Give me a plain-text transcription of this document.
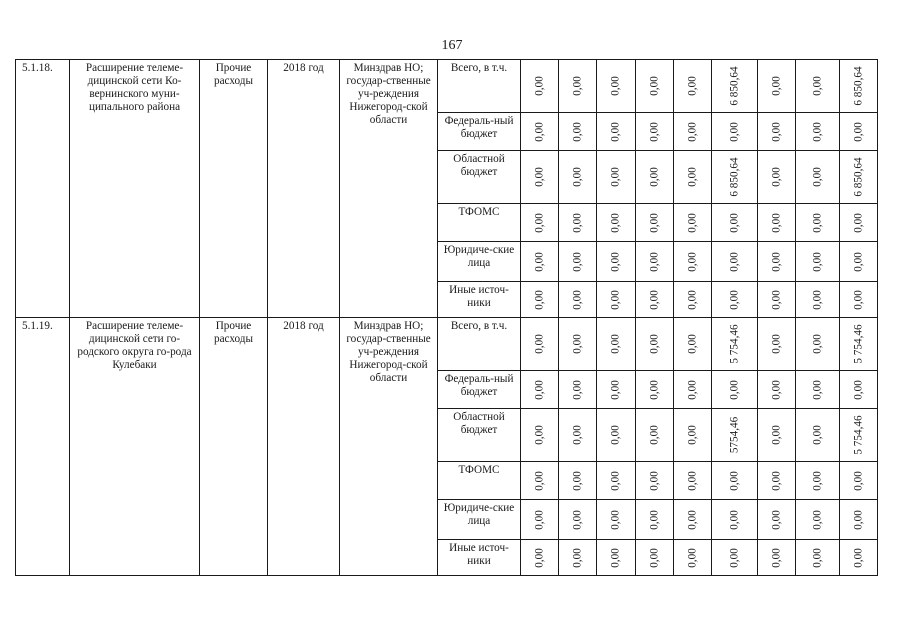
167
5.1.18.	Расширение телеме-дицинской сети Ко-вернинского муни-ципального района	Прочие расходы	2018 год	Минздрав НО; государ-ственные уч-реждения Нижегород-ской области	Всего, в т.ч.	0,00	0,00	0,00	0,00	0,00	6 850,64	0,00	0,00	6 850,64

					Федераль-ный бюджет	0,00	0,00	0,00	0,00	0,00	0,00	0,00	0,00	0,00

					Областной бюджет	0,00	0,00	0,00	0,00	0,00	6 850,64	0,00	0,00	6 850,64

					ТФОМС	0,00	0,00	0,00	0,00	0,00	0,00	0,00	0,00	0,00

					Юридиче-ские лица	0,00	0,00	0,00	0,00	0,00	0,00	0,00	0,00	0,00

					Иные источ-ники	0,00	0,00	0,00	0,00	0,00	0,00	0,00	0,00	0,00

5.1.19.	Расширение телеме-дицинской сети го-родского округа го-рода Кулебаки	Прочие расходы	2018 год	Минздрав НО; государ-ственные уч-реждения Нижегород-ской области	Всего, в т.ч.	0,00	0,00	0,00	0,00	0,00	5 754,46	0,00	0,00	5 754,46

					Федераль-ный бюджет	0,00	0,00	0,00	0,00	0,00	0,00	0,00	0,00	0,00

					Областной бюджет	0,00	0,00	0,00	0,00	0,00	5754,46	0,00	0,00	5 754,46

					ТФОМС	0,00	0,00	0,00	0,00	0,00	0,00	0,00	0,00	0,00

					Юридиче-ские лица	0,00	0,00	0,00	0,00	0,00	0,00	0,00	0,00	0,00

					Иные источ-ники	0,00	0,00	0,00	0,00	0,00	0,00	0,00	0,00	0,00
